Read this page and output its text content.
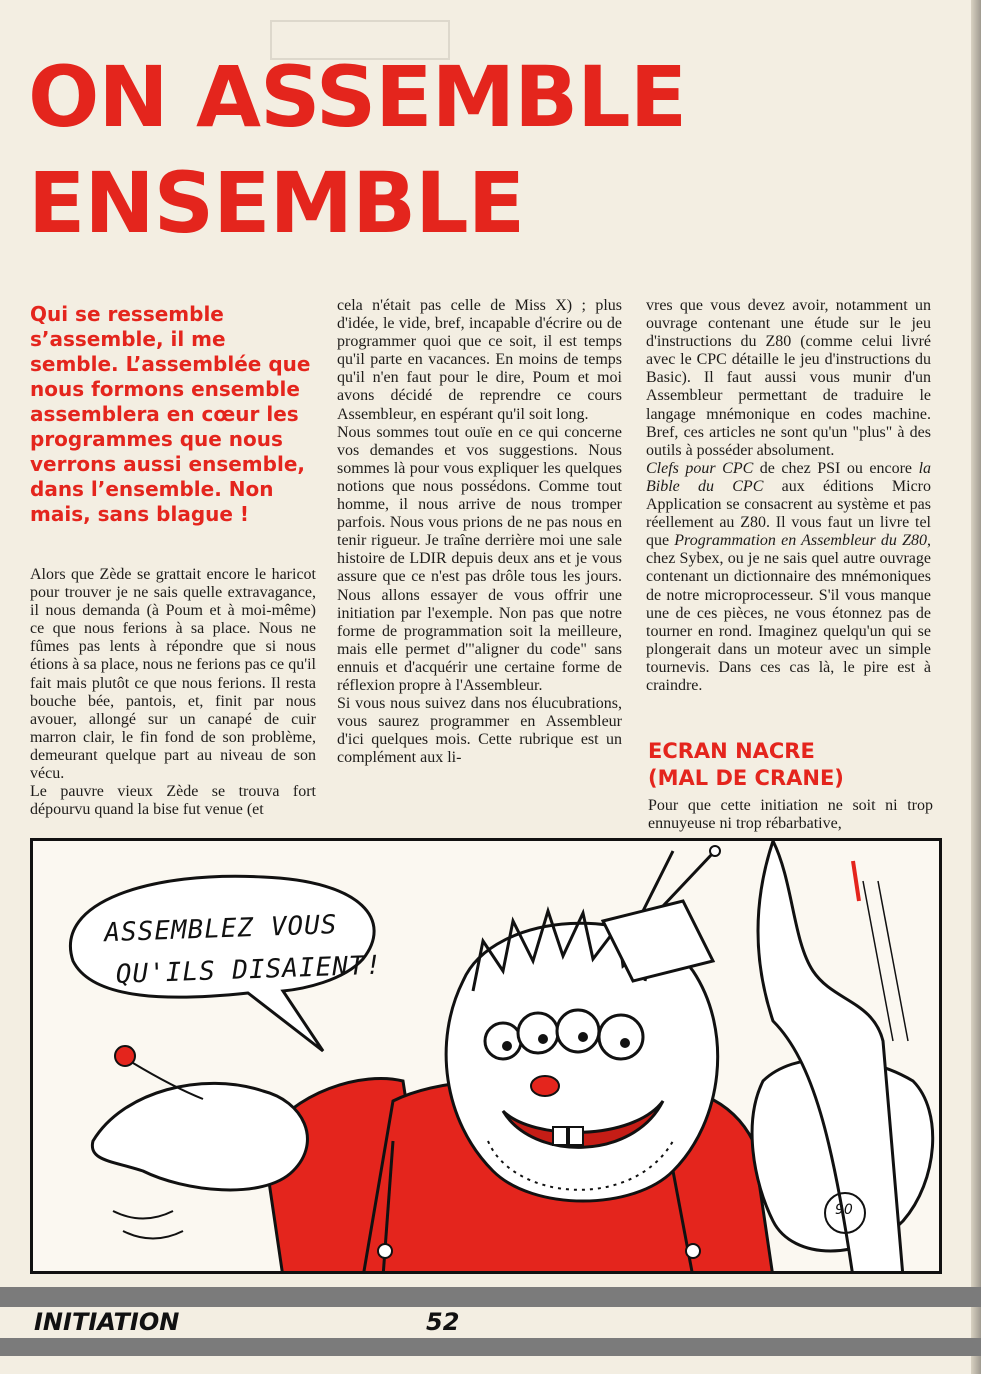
ON ASSEMBLE
ENSEMBLE

Qui se ressemble s’assemble, il me semble. L’assemblée que nous formons ensemble assemblera en cœur les programmes que nous verrons aussi ensemble, dans l’ensemble. Non mais, sans blague !

Alors que Zède se grattait encore le haricot pour trouver je ne sais quelle extravagance, il nous demanda (à Poum et à moi-même) ce que nous ferions à sa place. Nous ne fûmes pas lents à répondre que si nous étions à sa place, nous ne ferions pas ce qu'il fait mais plutôt ce que nous ferions. Il resta bouche bée, pantois, et, finit par nous avouer, allongé sur un canapé de cuir marron clair, le fin fond de son problème, demeurant quelque part au niveau de son vécu.

Le pauvre vieux Zède se trouva fort dépourvu quand la bise fut venue (et

cela n'était pas celle de Miss X) ; plus d'idée, le vide, bref, incapable d'écrire ou de programmer quoi que ce soit, il est temps qu'il parte en vacances. En moins de temps qu'il n'en faut pour le dire, Poum et moi avons décidé de reprendre ce cours Assembleur, en espérant qu'il soit long.

Nous sommes tout ouïe en ce qui concerne vos demandes et vos suggestions. Nous sommes là pour vous expliquer les quelques notions que nous possédons. Comme tout homme, il nous arrive de nous tromper parfois. Nous vous prions de ne pas nous en tenir rigueur. Je traîne derrière moi une sale histoire de LDIR depuis deux ans et je vous assure que ce n'est pas drôle tous les jours. Nous allons essayer de vous offrir une initiation par l'exemple. Non pas que notre forme de programmation soit la meilleure, mais elle permet d'"aligner du code" sans ennuis et d'acquérir une certaine forme de réflexion propre à l'Assembleur.

Si vous nous suivez dans nos élucubrations, vous saurez programmer en Assembleur d'ici quelques mois. Cette rubrique est un complément aux li-

vres que vous devez avoir, notamment un ouvrage contenant une étude sur le jeu d'instructions du Z80 (comme celui livré avec le CPC détaille le jeu d'instructions du Basic). Il faut aussi vous munir d'un Assembleur permettant de traduire le langage mnémonique en codes machine. Bref, ces articles ne sont qu'un "plus" à des outils à posséder absolument.

Clefs pour CPC de chez PSI ou encore la Bible du CPC aux éditions Micro Application se consacrent au système et pas réellement au Z80. Il vous faut un livre tel que Programmation en Assembleur du Z80, chez Sybex, ou je ne sais quel autre ouvrage contenant un dictionnaire des mnémoniques de notre microprocesseur. S'il vous manque une de ces pièces, ne vous étonnez pas de tourner en rond. Imaginez quelqu'un qui se plongerait dans un moteur avec un simple tournevis. Dans ces cas là, le pire est à craindre.

ECRAN NACRE
(MAL DE CRANE)

Pour que cette initiation ne soit ni trop ennuyeuse ni trop rébarbative,

ASSEMBLEZ VOUS
QU'ILS DISAIENT!
90
INITIATION	52
